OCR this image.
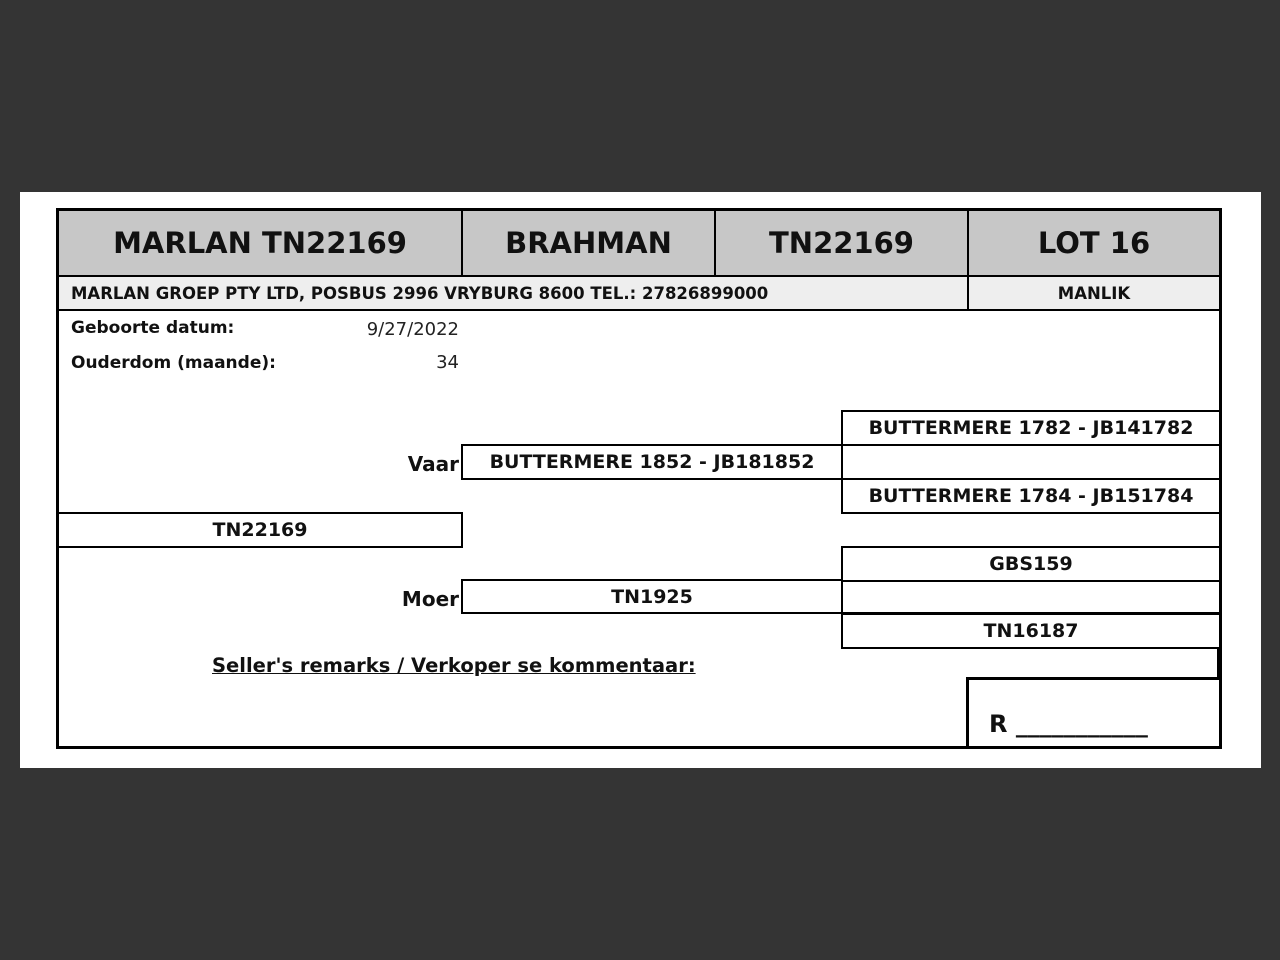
MARLAN TN22169	BRAHMAN	TN22169	LOT 16
MARLAN GROEP PTY LTD, POSBUS 2996 VRYBURG 8600 TEL.: 27826899000	MANLIK
Geboorte datum:	9/27/2022
Ouderdom (maande):	34
BUTTERMERE 1782 - JB141782
BUTTERMERE 1784 - JB151784
Vaar	BUTTERMERE 1852 - JB181852
TN22169
GBS159
TN16187
Moer	TN1925
Seller's remarks / Verkoper se kommentaar:
R ___________
